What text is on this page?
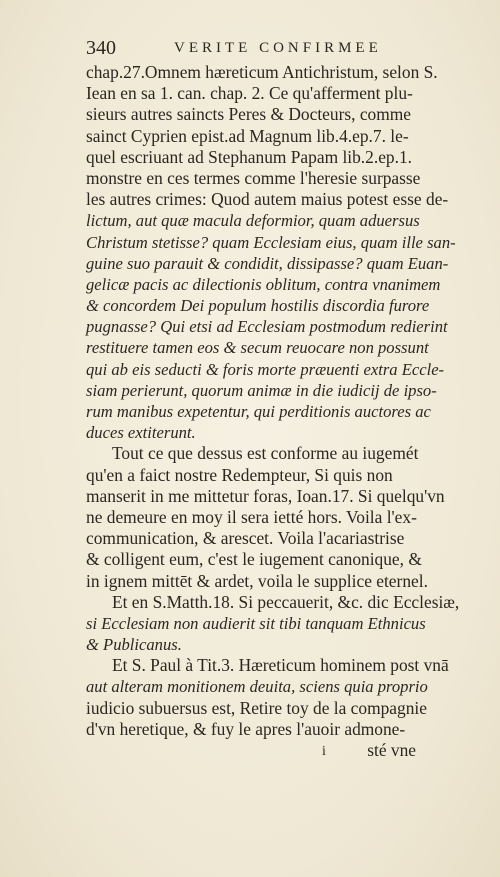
340	VERITE CONFIRMEE
chap.27.Omnem hæreticum Antichristum, selon S.
Iean en sa 1. can. chap. 2. Ce qu'afferment plu-
sieurs autres saincts Peres & Docteurs, comme
sainct Cyprien epist.ad Magnum lib.4.ep.7. le-
quel escriuant ad Stephanum Papam lib.2.ep.1.
monstre en ces termes comme l'heresie surpasse
les autres crimes: Quod autem maius potest esse de-
lictum, aut quæ macula deformior, quam aduersus
Christum stetisse? quam Ecclesiam eius, quam ille san-
guine suo parauit & condidit, dissipasse? quam Euan-
gelicæ pacis ac dilectionis oblitum, contra vnanimem
& concordem Dei populum hostilis discordia furore
pugnasse? Qui etsi ad Ecclesiam postmodum redierint
restituere tamen eos & secum reuocare non possunt
qui ab eis seducti & foris morte præuenti extra Eccle-
siam perierunt, quorum animæ in die iudicij de ipso-
rum manibus expetentur, qui perditionis auctores ac
duces extiterunt.
Tout ce que dessus est conforme au iugemét
qu'en a faict nostre Redempteur, Si quis non
manserit in me mittetur foras, Ioan.17. Si quelqu'vn
ne demeure en moy il sera ietté hors. Voila l'ex-
communication, & arescet. Voila l'acariastrise
& colligent eum, c'est le iugement canonique, &
in ignem mittēt & ardet, voila le supplice eternel.
Et en S.Matth.18. Si peccauerit, &c. dic Ecclesiæ,
si Ecclesiam non audierit sit tibi tanquam Ethnicus
& Publicanus.
Et S. Paul à Tit.3. Hæreticum hominem post vnā
aut alteram monitionem deuita, sciens quia proprio
iudicio subuersus est, Retire toy de la compagnie
d'vn heretique, & fuy le apres l'auoir admone-
i sté vne
